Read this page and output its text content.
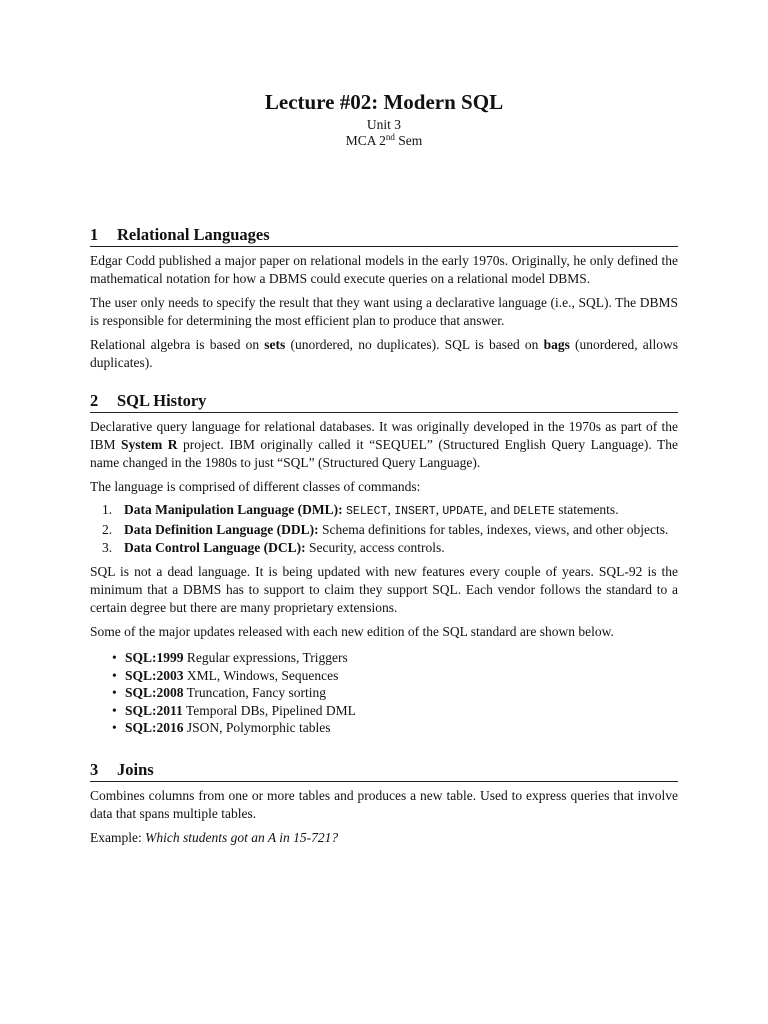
Lecture #02: Modern SQL
Unit 3
MCA 2nd Sem
1 Relational Languages

Edgar Codd published a major paper on relational models in the early 1970s. Originally, he only defined the mathematical notation for how a DBMS could execute queries on a relational model DBMS.

The user only needs to specify the result that they want using a declarative language (i.e., SQL). The DBMS is responsible for determining the most efficient plan to produce that answer.

Relational algebra is based on sets (unordered, no duplicates). SQL is based on bags (unordered, allows duplicates).

2 SQL History

Declarative query language for relational databases. It was originally developed in the 1970s as part of the IBM System R project. IBM originally called it “SEQUEL” (Structured English Query Language). The name changed in the 1980s to just “SQL” (Structured Query Language).

The language is comprised of different classes of commands:

1. Data Manipulation Language (DML): SELECT, INSERT, UPDATE, and DELETE statements.
2. Data Definition Language (DDL): Schema definitions for tables, indexes, views, and other objects.
3. Data Control Language (DCL): Security, access controls.

SQL is not a dead language. It is being updated with new features every couple of years. SQL-92 is the minimum that a DBMS has to support to claim they support SQL. Each vendor follows the standard to a certain degree but there are many proprietary extensions.

Some of the major updates released with each new edition of the SQL standard are shown below.

• SQL:1999 Regular expressions, Triggers
• SQL:2003 XML, Windows, Sequences
• SQL:2008 Truncation, Fancy sorting
• SQL:2011 Temporal DBs, Pipelined DML
• SQL:2016 JSON, Polymorphic tables
3 Joins

Combines columns from one or more tables and produces a new table. Used to express queries that involve data that spans multiple tables.

Example: Which students got an A in 15-721?
